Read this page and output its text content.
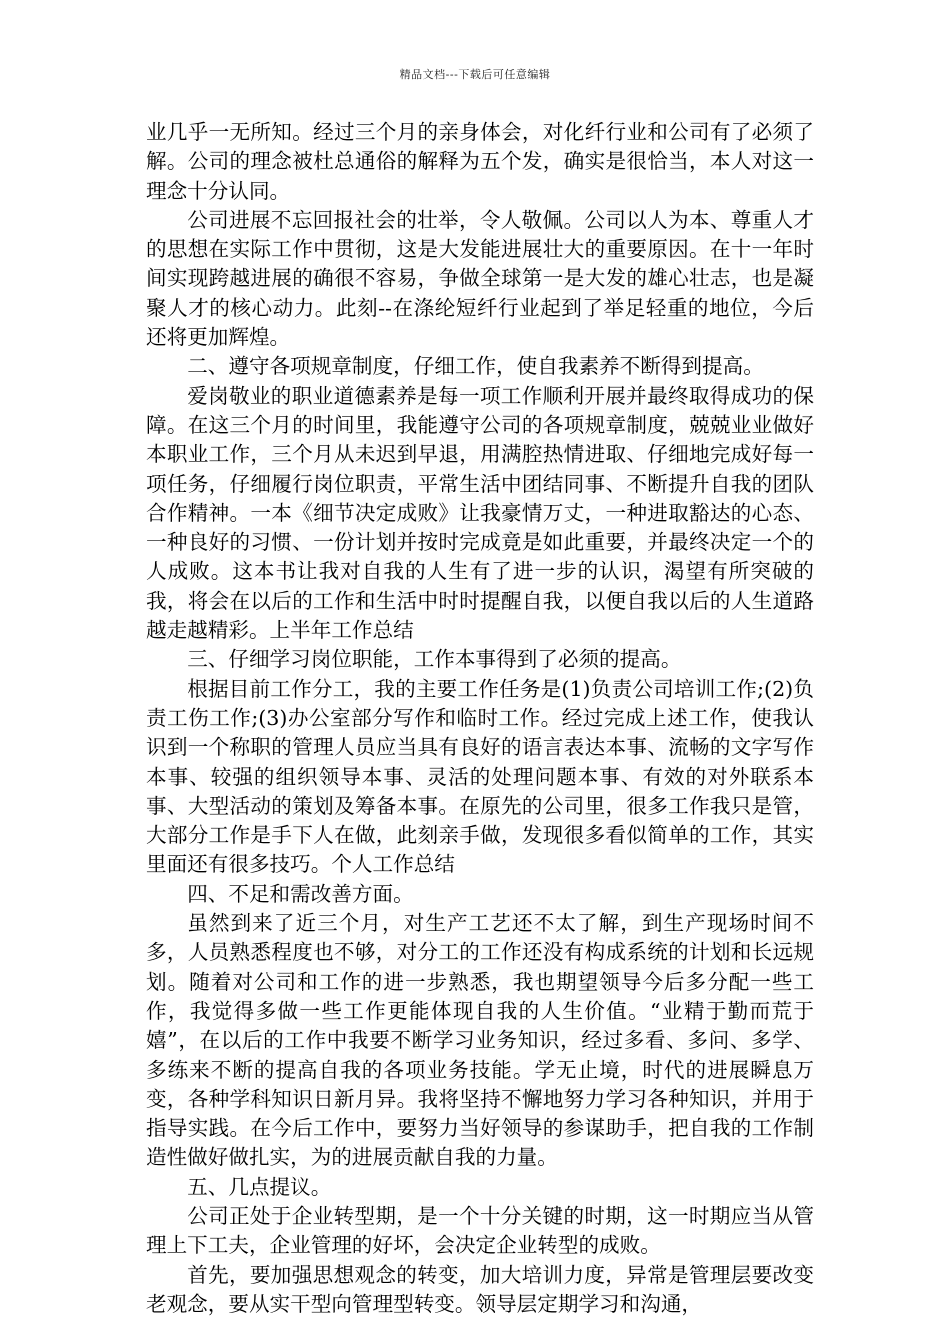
精品文档---下载后可任意编辑

业几乎一无所知。经过三个月的亲身体会，对化纤行业和公司有了必须了解。公司的理念被杜总通俗的解释为五个发，确实是很恰当，本人对这一理念十分认同。

公司进展不忘回报社会的壮举，令人敬佩。公司以人为本、尊重人才的思想在实际工作中贯彻，这是大发能进展壮大的重要原因。在十一年时间实现跨越进展的确很不容易，争做全球第一是大发的雄心壮志，也是凝聚人才的核心动力。此刻--在涤纶短纤行业起到了举足轻重的地位，今后还将更加辉煌。

二、遵守各项规章制度，仔细工作，使自我素养不断得到提高。

爱岗敬业的职业道德素养是每一项工作顺利开展并最终取得成功的保障。在这三个月的时间里，我能遵守公司的各项规章制度，兢兢业业做好本职业工作，三个月从未迟到早退，用满腔热情进取、仔细地完成好每一项任务，仔细履行岗位职责，平常生活中团结同事、不断提升自我的团队合作精神。一本《细节决定成败》让我豪情万丈，一种进取豁达的心态、一种良好的习惯、一份计划并按时完成竟是如此重要，并最终决定一个的人成败。这本书让我对自我的人生有了进一步的认识，渴望有所突破的我，将会在以后的工作和生活中时时提醒自我，以便自我以后的人生道路越走越精彩。上半年工作总结

三、仔细学习岗位职能，工作本事得到了必须的提高。

根据目前工作分工，我的主要工作任务是(1)负责公司培训工作;(2)负责工伤工作;(3)办公室部分写作和临时工作。经过完成上述工作，使我认识到一个称职的管理人员应当具有良好的语言表达本事、流畅的文字写作本事、较强的组织领导本事、灵活的处理问题本事、有效的对外联系本事、大型活动的策划及筹备本事。在原先的公司里，很多工作我只是管，大部分工作是手下人在做，此刻亲手做，发现很多看似简单的工作，其实里面还有很多技巧。个人工作总结

四、不足和需改善方面。

虽然到来了近三个月，对生产工艺还不太了解，到生产现场时间不多，人员熟悉程度也不够，对分工的工作还没有构成系统的计划和长远规划。随着对公司和工作的进一步熟悉，我也期望领导今后多分配一些工作，我觉得多做一些工作更能体现自我的人生价值。“业精于勤而荒于嬉”，在以后的工作中我要不断学习业务知识，经过多看、多问、多学、多练来不断的提高自我的各项业务技能。学无止境，时代的进展瞬息万变，各种学科知识日新月异。我将坚持不懈地努力学习各种知识，并用于指导实践。在今后工作中，要努力当好领导的参谋助手，把自我的工作制造性做好做扎实，为的进展贡献自我的力量。

五、几点提议。

公司正处于企业转型期，是一个十分关键的时期，这一时期应当从管理上下工夫，企业管理的好坏，会决定企业转型的成败。

首先，要加强思想观念的转变，加大培训力度，异常是管理层要改变老观念，要从实干型向管理型转变。领导层定期学习和沟通，
